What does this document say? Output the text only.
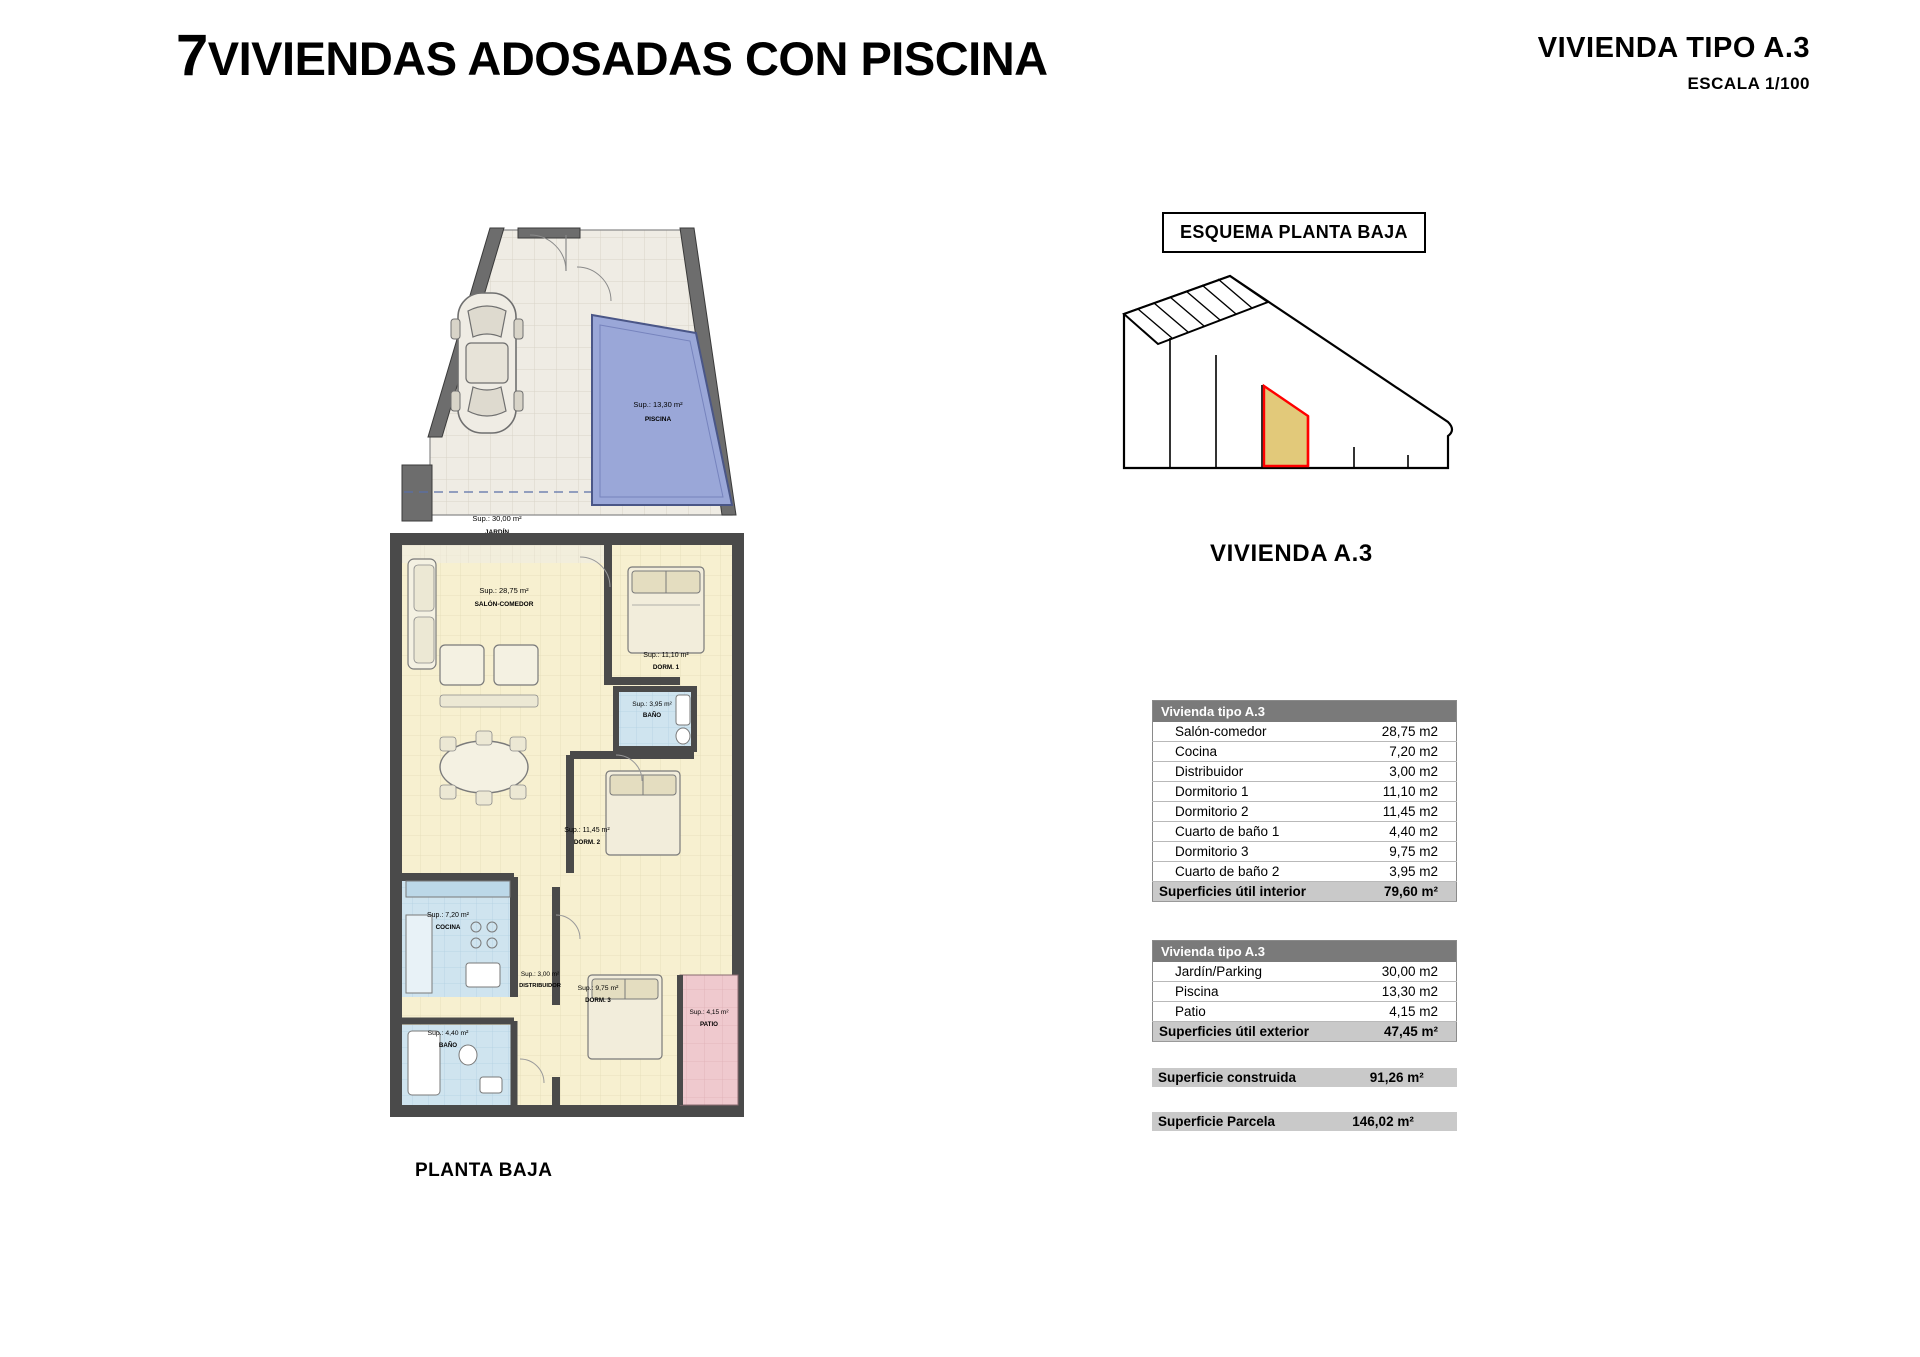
7VIVIENDAS ADOSADAS CON PISCINA	VIVIENDA TIPO A.3
ESCALA 1/100
Sup.: 30,00 m²
JARDÍN
Sup.: 13,30 m²
PISCINA
Sup.: 28,75 m²
SALÓN-COMEDOR
Sup.: 11,10 m²
DORM. 1
Sup.: 3,95 m²
BAÑO
Sup.: 11,45 m²
DORM. 2
Sup.: 7,20 m²
COCINA
Sup.: 3,00 m²
DISTRIBUIDOR Sup.: 9,75 m²
DORM. 3
Sup.: 4,40 m²
BAÑO
Sup.: 4,15 m²
PATIO
PLANTA BAJA
ESQUEMA PLANTA BAJA
VIVIENDA A.3
Vivienda tipo A.3	
Salón-comedor	28,75 m2
Cocina	7,20 m2
Distribuidor	3,00 m2
Dormitorio 1	11,10 m2
Dormitorio 2	11,45 m2
Cuarto de baño 1	4,40 m2
Dormitorio 3	9,75 m2
Cuarto de baño 2	3,95 m2
Superficies útil interior	79,60 m²
Vivienda tipo A.3	
Jardín/Parking	30,00 m2
Piscina	13,30 m2
Patio	4,15 m2
Superficies útil exterior	47,45 m²
Superficie construida	91,26 m²
Superficie Parcela	146,02 m²
